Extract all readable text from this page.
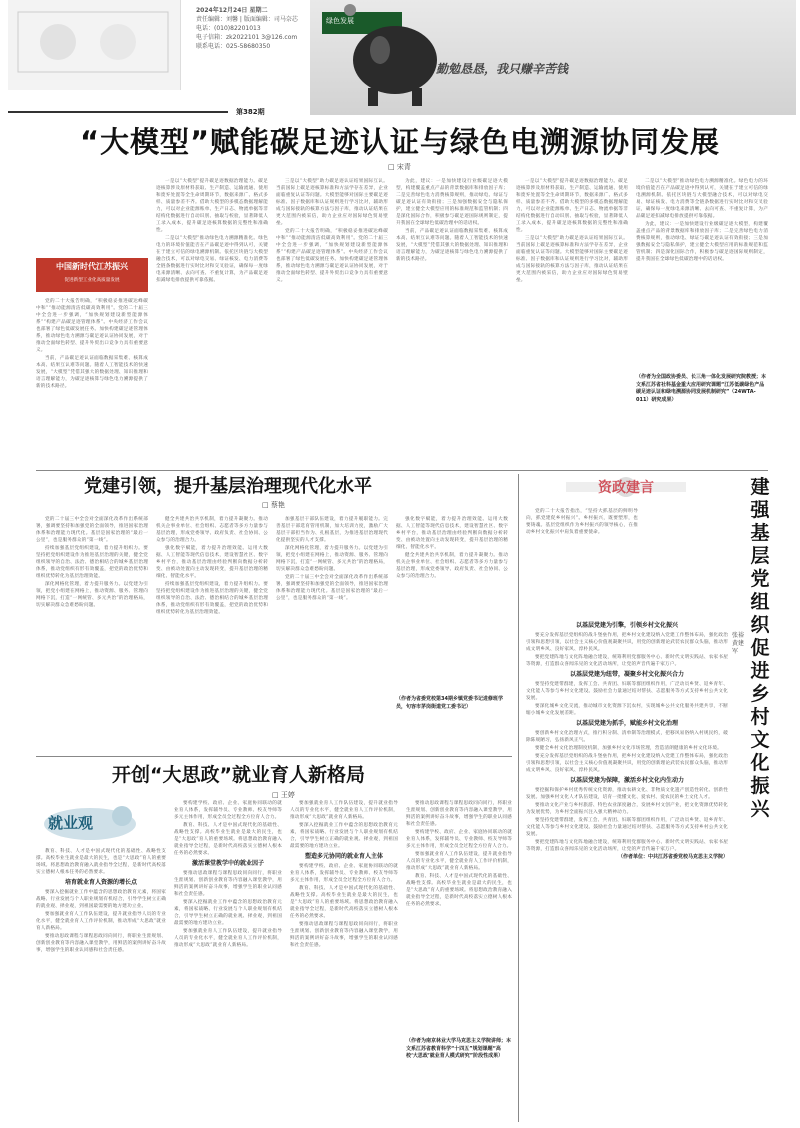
2024年12月24日 星期二
责任编辑：刘馨 | 版面编辑：司马奈芯
电话：(010)82201013
电子信箱：zk2022101 3@126.com
联系电话：025-58680350
绿色发展
勤勉恳恳，我只赚辛苦钱
第382期
“大模型”赋能碳足迹认证与绿色电溯源协同发展
□ 宋青
中国新时代江苏振兴
促进新型工业化高质量发展

党的二十大报告明确，“积极稳妥推进碳达峰碳中和”“推动能源清洁低碳高效利用”。党的二十届三中全会进一步强调，“加快规划建设新型能源体系”“构建产品碳足迹管理体系”。中央经济工作会议也部署了绿色低碳发展任务。加快构建碳足迹管理体系，推动绿色电力溯源与碳足迹认证协同发展，对于推动全面绿色转型、提升外贸出口竞争力具有重要意义。

当前，产品碳足迹认证面临数据采集难、核算成本高、结果互认难等问题。随着人工智能技术的快速发展，“大模型”凭借其强大的数据处理、知识推理和语言理解能力，为碳足迹核算与绿色电力溯源提供了新的技术路径。

一是以“大模型”提升碳足迹数据治理能力。碳足迹核算涉及原材料获取、生产制造、运输流通、使用和废弃处置等全生命周期环节，数据来源广、格式多样、质量参差不齐。借助大模型的多模态数据理解能力，可以对企业能源账单、生产日志、物流单据等非结构化数据进行自动识别、抽取与校验，显著降低人工录入成本，提升碳足迹核算数据的完整性和准确性。

二是以“大模型”推动绿色电力溯源精准化。绿色电力的环境价值能否在产品碳足迹中得到认可，关键在于建立可信的绿电溯源机制。依托区块链与大模型融合技术，可以对绿电交易、绿证核发、电力消费等全链条数据进行实时比对和交叉验证，确保每一度绿电来源清晰、去向可查、不重复计算，为产品碳足迹扣减绿电排放提供可靠依据。

三是以“大模型”助力碳足迹认证结果国际互认。当前国际上碳足迹核算标准和方法学存在差异，企业面临重复认证等问题。大模型能够对国际主要碳足迹标准、因子数据库和认证规则进行学习比对，辅助形成与国际接轨的核算方法与因子库，推动认证结果在更大范围内被采信，助力企业应对国际绿色贸易壁垒。

党的二十大报告明确，“积极稳妥推进碳达峰碳中和”“推动能源清洁低碳高效利用”。党的二十届三中全会进一步强调，“加快规划建设新型能源体系”“构建产品碳足迹管理体系”。中央经济工作会议也部署了绿色低碳发展任务。加快构建碳足迹管理体系，推动绿色电力溯源与碳足迹认证协同发展，对于推动全面绿色转型、提升外贸出口竞争力具有重要意义。

为此，建议：一是加快建设行业级碳足迹大模型，构建覆盖重点产品的背景数据库和排放因子库；二是完善绿色电力消费核算规则，推动绿电、绿证与碳足迹认证有效衔接；三是加强数据安全与隐私保护，建立健全大模型应用的标准规范和监管机制；四是深化国际合作，积极参与碳足迹国际规则制定，提升我国在全球绿色低碳治理中的话语权。

当前，产品碳足迹认证面临数据采集难、核算成本高、结果互认难等问题。随着人工智能技术的快速发展，“大模型”凭借其强大的数据处理、知识推理和语言理解能力，为碳足迹核算与绿色电力溯源提供了新的技术路径。

一是以“大模型”提升碳足迹数据治理能力。碳足迹核算涉及原材料获取、生产制造、运输流通、使用和废弃处置等全生命周期环节，数据来源广、格式多样、质量参差不齐。借助大模型的多模态数据理解能力，可以对企业能源账单、生产日志、物流单据等非结构化数据进行自动识别、抽取与校验，显著降低人工录入成本，提升碳足迹核算数据的完整性和准确性。

三是以“大模型”助力碳足迹认证结果国际互认。当前国际上碳足迹核算标准和方法学存在差异，企业面临重复认证等问题。大模型能够对国际主要碳足迹标准、因子数据库和认证规则进行学习比对，辅助形成与国际接轨的核算方法与因子库，推动认证结果在更大范围内被采信，助力企业应对国际绿色贸易壁垒。

二是以“大模型”推动绿色电力溯源精准化。绿色电力的环境价值能否在产品碳足迹中得到认可，关键在于建立可信的绿电溯源机制。依托区块链与大模型融合技术，可以对绿电交易、绿证核发、电力消费等全链条数据进行实时比对和交叉验证，确保每一度绿电来源清晰、去向可查、不重复计算，为产品碳足迹扣减绿电排放提供可靠依据。

为此，建议：一是加快建设行业级碳足迹大模型，构建覆盖重点产品的背景数据库和排放因子库；二是完善绿色电力消费核算规则，推动绿电、绿证与碳足迹认证有效衔接；三是加强数据安全与隐私保护，建立健全大模型应用的标准规范和监管机制；四是深化国际合作，积极参与碳足迹国际规则制定，提升我国在全球绿色低碳治理中的话语权。

（作者为全国政协委员、长三角一体化发展研究院教授；本文系江苏省社科基金重大应用研究课题“江苏低碳绿色产品碳足迹认证和绿电溯源协同发展机制研究”（24WTA-011）研究成果）
党建引领，提升基层治理现代化水平
□ 蔡艳

党的二十届三中全会对全面深化改革作出系统部署，强调要坚持和加强党的全面领导，推进国家治理体系和治理能力现代化。基层是国家治理的“最后一公里”，也是服务群众的“第一线”。

持续加强基层党组织建设，着力提升组织力。要坚持把党组织建设作为推进基层治理的关键，健全党组织领导的自治、法治、德治相结合的城乡基层治理体系，推动党组织有形有效覆盖，把党的政治优势和组织优势转化为基层治理效能。

深化网格化管理，着力提升服务力。以党建为引领，把党小组建在网格上，推动资源、服务、管理向网格下沉，打造“一网统管、多元共治”的治理格局，切实解决群众急难愁盼问题。

健全共建共治共享机制，着力提升凝聚力。推动机关企事业单位、社会组织、志愿者等多方力量参与基层治理，形成党委领导、政府负责、社会协同、公众参与的治理合力。

强化数字赋能，着力提升治理效能。运用大数据、人工智能等现代信息技术，建设智慧社区、数字乡村平台，推动基层治理由经验判断向数据分析转变、由被动处置向主动发现转变，提升基层治理的精细化、智能化水平。

持续加强基层党组织建设，着力提升组织力。要坚持把党组织建设作为推进基层治理的关键，健全党组织领导的自治、法治、德治相结合的城乡基层治理体系，推动党组织有形有效覆盖，把党的政治优势和组织优势转化为基层治理效能。

加强基层干部队伍建设，着力提升履职能力。完善基层干部选育管用机制，加大培训力度，激励广大基层干部担当作为、扎根基层，为推进基层治理现代化提供坚实的人才支撑。

深化网格化管理，着力提升服务力。以党建为引领，把党小组建在网格上，推动资源、服务、管理向网格下沉，打造“一网统管、多元共治”的治理格局，切实解决群众急难愁盼问题。

党的二十届三中全会对全面深化改革作出系统部署，强调要坚持和加强党的全面领导，推进国家治理体系和治理能力现代化。基层是国家治理的“最后一公里”，也是服务群众的“第一线”。

强化数字赋能，着力提升治理效能。运用大数据、人工智能等现代信息技术，建设智慧社区、数字乡村平台，推动基层治理由经验判断向数据分析转变、由被动处置向主动发现转变，提升基层治理的精细化、智能化水平。

健全共建共治共享机制，着力提升凝聚力。推动机关企事业单位、社会组织、志愿者等多方力量参与基层治理，形成党委领导、政府负责、社会协同、公众参与的治理合力。

（作者为省委党校第34期乡镇党委书记进修班学员，句容市茅岗街道党工委书记）
资政建言	建强基层党组织 促进乡村文化振兴
张裕 黄建军

党的二十大报告指出，“坚持大抓基层的鲜明导向，抓党建促乡村振兴”。乡村振兴，既要塑形，也要铸魂。基层党组织作为乡村振兴的领导核心，在推动乡村文化振兴中肩负着重要使命。

以基层党建为引擎，引领乡村文化振兴

要充分发挥基层党组织的战斗堡垒作用，把乡村文化建设纳入党建工作整体布局，强化政治引领和思想引领，以社会主义核心价值观凝聚共识，用党的创新理论武装农民群众头脑，推动形成文明乡风、良好家风、淳朴民风。

要把党建阵地与文化阵地融合建设，统筹利用党群服务中心、新时代文明实践站、农家书屋等资源，打造群众喜闻乐见的文化活动场所，让党的声音传遍千家万户。

以基层党建为纽带，凝聚乡村文化振兴合力

要坚持党建带群建，发挥工会、共青团、妇联等群团组织作用，广泛动员乡贤、返乡青年、文化能人等参与乡村文化建设。鼓励社会力量通过结对帮扶、志愿服务等方式支持乡村公共文化发展。

要深化城乡文化交流，推动城市文化资源下沉农村，实现城乡公共文化服务共建共享，不断缩小城乡文化发展差距。

以基层党建为抓手，赋能乡村文化治理

要创新乡村文化治理方式，推行积分制、清单制等治理模式，把移风易俗纳入村规民约，破除陈规陋习，弘扬新风正气。

要健全乡村文化治理制度机制，加强乡村文化市场管理，营造清朗健康的乡村文化环境。

要充分发挥基层党组织的战斗堡垒作用，把乡村文化建设纳入党建工作整体布局，强化政治引领和思想引领，以社会主义核心价值观凝聚共识，用党的创新理论武装农民群众头脑，推动形成文明乡风、良好家风、淳朴民风。

以基层党建为保障，激活乡村文化内生动力

要挖掘和保护乡村优秀传统文化资源，推动农耕文化、非物质文化遗产创造性转化、创新性发展。加强乡村文化人才队伍建设，培育一批懂文化、爱农村、爱农民的乡土文化人才。

要推动文化产业与乡村旅游、特色农业深度融合，发展乡村文创产业，把文化资源优势转化为发展优势，为乡村全面振兴注入强大精神动力。

要坚持党建带群建，发挥工会、共青团、妇联等群团组织作用，广泛动员乡贤、返乡青年、文化能人等参与乡村文化建设。鼓励社会力量通过结对帮扶、志愿服务等方式支持乡村公共文化发展。

要把党建阵地与文化阵地融合建设，统筹利用党群服务中心、新时代文明实践站、农家书屋等资源，打造群众喜闻乐见的文化活动场所，让党的声音传遍千家万户。

（作者单位：中共江苏省委党校马克思主义学院）
开创“大思政”就业育人新格局
□ 王婷
就业观

教育、科技、人才是中国式现代化的基础性、战略性支撑。高校毕业生就业是最大的民生，也是“大思政”育人的重要场域。将思想政治教育融入就业指导全过程，是新时代高校落实立德树人根本任务的必然要求。

培育就业育人资源的增长点

要深入挖掘就业工作中蕴含的思想政治教育元素，将国家战略、行业发展与个人职业规划有机结合，引导学生树立正确的就业观、择业观，到祖国最需要的地方建功立业。

要加强就业育人工作队伍建设，提升就业指导人员的专业化水平，健全就业育人工作评价机制，推动形成“大思政”就业育人新格局。

要推动思政课程与课程思政同向同行，将职业生涯规划、创新创业教育等内容融入课堂教学，用鲜活的案例讲好奋斗故事，增强学生的职业认同感和社会责任感。

要构建学校、政府、企业、家庭协同联动的就业育人体系，发挥辅导员、专业教师、校友导师等多元主体作用，形成全员全过程全方位育人合力。

教育、科技、人才是中国式现代化的基础性、战略性支撑。高校毕业生就业是最大的民生，也是“大思政”育人的重要场域。将思想政治教育融入就业指导全过程，是新时代高校落实立德树人根本任务的必然要求。

激活课堂教学中的就业因子

要推动思政课程与课程思政同向同行，将职业生涯规划、创新创业教育等内容融入课堂教学，用鲜活的案例讲好奋斗故事，增强学生的职业认同感和社会责任感。

要深入挖掘就业工作中蕴含的思想政治教育元素，将国家战略、行业发展与个人职业规划有机结合，引导学生树立正确的就业观、择业观，到祖国最需要的地方建功立业。

要加强就业育人工作队伍建设，提升就业指导人员的专业化水平，健全就业育人工作评价机制，推动形成“大思政”就业育人新格局。

要加强就业育人工作队伍建设，提升就业指导人员的专业化水平，健全就业育人工作评价机制，推动形成“大思政”就业育人新格局。

要深入挖掘就业工作中蕴含的思想政治教育元素，将国家战略、行业发展与个人职业规划有机结合，引导学生树立正确的就业观、择业观，到祖国最需要的地方建功立业。

塑造多元协同的就业育人主体

要构建学校、政府、企业、家庭协同联动的就业育人体系，发挥辅导员、专业教师、校友导师等多元主体作用，形成全员全过程全方位育人合力。

教育、科技、人才是中国式现代化的基础性、战略性支撑。高校毕业生就业是最大的民生，也是“大思政”育人的重要场域。将思想政治教育融入就业指导全过程，是新时代高校落实立德树人根本任务的必然要求。

要推动思政课程与课程思政同向同行，将职业生涯规划、创新创业教育等内容融入课堂教学，用鲜活的案例讲好奋斗故事，增强学生的职业认同感和社会责任感。

要推动思政课程与课程思政同向同行，将职业生涯规划、创新创业教育等内容融入课堂教学，用鲜活的案例讲好奋斗故事，增强学生的职业认同感和社会责任感。

要构建学校、政府、企业、家庭协同联动的就业育人体系，发挥辅导员、专业教师、校友导师等多元主体作用，形成全员全过程全方位育人合力。

要加强就业育人工作队伍建设，提升就业指导人员的专业化水平，健全就业育人工作评价机制，推动形成“大思政”就业育人新格局。

教育、科技、人才是中国式现代化的基础性、战略性支撑。高校毕业生就业是最大的民生，也是“大思政”育人的重要场域。将思想政治教育融入就业指导全过程，是新时代高校落实立德树人根本任务的必然要求。

（作者为南京林业大学马克思主义学院讲师；本文系江苏省教育科学“十四五”规划课题“高校‘大思政’就业育人模式研究”阶段性成果）
